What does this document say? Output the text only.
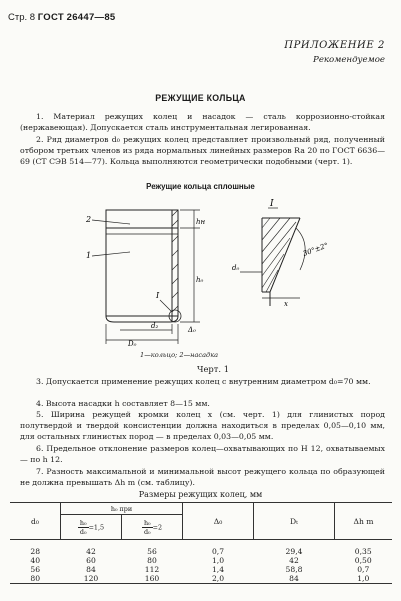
Стр. 8 ГОСТ 26447—85
ПРИЛОЖЕНИЕ 2
Рекомендуемое
РЕЖУЩИЕ КОЛЬЦА
1. Материал режущих колец и насадок — сталь коррозионно-стойкая (нержавеющая). Допускается сталь инструментальная легированная.
2. Ряд диаметров d₀ режущих колец представляет произвольный ряд, полученный отбором третьих членов из ряда нормальных линейных размеров Ra 20 по ГОСТ 6636—69 (СТ СЭВ 514—77). Кольца выполняются геометрически подобными (черт. 1).
Режущие кольца сплошные
2
1
hн
h₀
I
d₂
D₀
Δ₀
I
30°±2°
d₀
x
1—кольцо; 2—насадка
Черт. 1
3. Допускается применение режущих колец с внутренним диаметром d₀=70 мм.
4. Высота насадки h составляет 8—15 мм.
5. Ширина режущей кромки колец x (см. черт. 1) для глинистых пород полутвердой и твердой консистенции должна находиться в пределах 0,05—0,10 мм, для остальных глинистых пород — в пределах 0,03—0,05 мм.
6. Предельное отклонение размеров колец—охватывающих по H 12, охватываемых — по h 12.
7. Разность максимальной и минимальной высот режущего кольца по образующей не должна превышать Δh m (см. таблицу).
Размеры режущих колец, мм
d₀	h₀ при		Δ₀	Dₜ	Δh m

	$\frac{\text{h₀}}{\text{d₀}} =1,5$	$\frac{\text{h₀}}{\text{d₀}} =2$			

28	42	56	0,7	29,4	0,35
40	60	80	1,0	42	0,50
56	84	112	1,4	58,8	0,7
80	120	160	2,0	84	1,0
